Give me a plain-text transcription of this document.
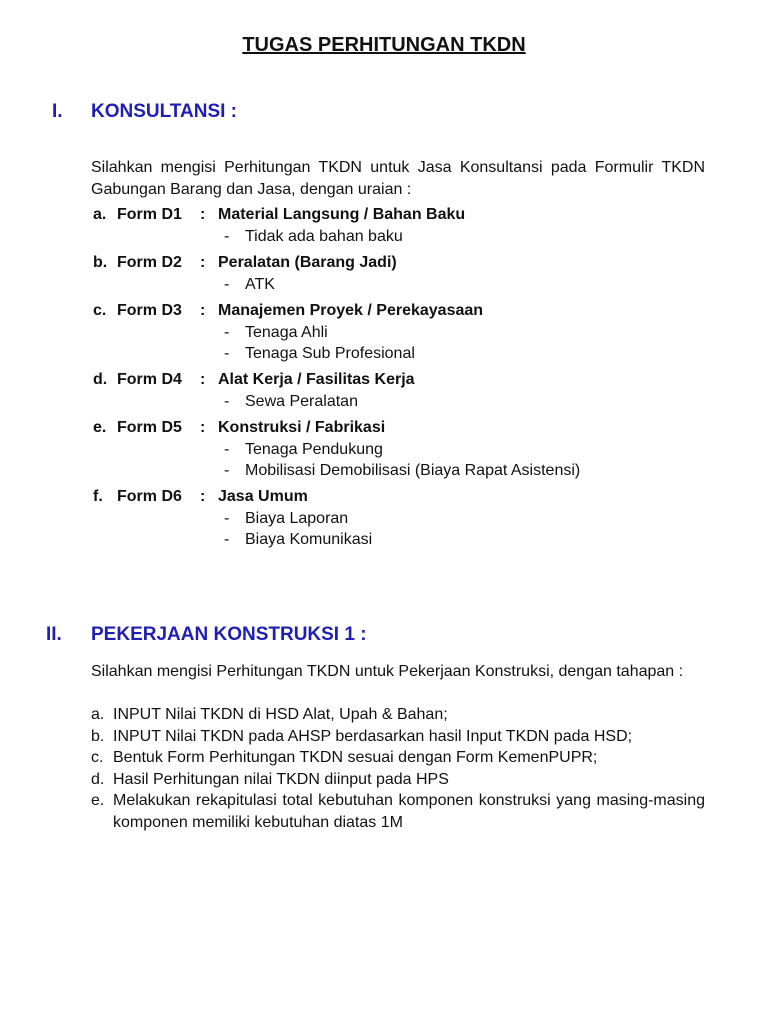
TUGAS PERHITUNGAN TKDN
I. KONSULTANSI :
Silahkan mengisi Perhitungan TKDN untuk Jasa Konsultansi pada Formulir TKDN Gabungan Barang dan Jasa, dengan uraian :
a. Form D1 : Material Langsung / Bahan Baku
- Tidak ada bahan baku
b. Form D2 : Peralatan (Barang Jadi)
- ATK
c. Form D3 : Manajemen Proyek / Perekayasaan
- Tenaga Ahli
- Tenaga Sub Profesional
d. Form D4 : Alat Kerja / Fasilitas Kerja
- Sewa Peralatan
e. Form D5 : Konstruksi / Fabrikasi
- Tenaga Pendukung
- Mobilisasi Demobilisasi (Biaya Rapat Asistensi)
f. Form D6 : Jasa Umum
- Biaya Laporan
- Biaya Komunikasi
II. PEKERJAAN KONSTRUKSI 1 :
Silahkan mengisi Perhitungan TKDN untuk Pekerjaan Konstruksi, dengan tahapan :
a. INPUT Nilai TKDN di HSD Alat, Upah & Bahan;
b. INPUT Nilai TKDN pada AHSP berdasarkan hasil Input TKDN pada HSD;
c. Bentuk Form Perhitungan TKDN sesuai dengan Form KemenPUPR;
d. Hasil Perhitungan nilai TKDN diinput pada HPS
e. Melakukan rekapitulasi total kebutuhan komponen konstruksi yang masing-masing komponen memiliki kebutuhan diatas 1M
